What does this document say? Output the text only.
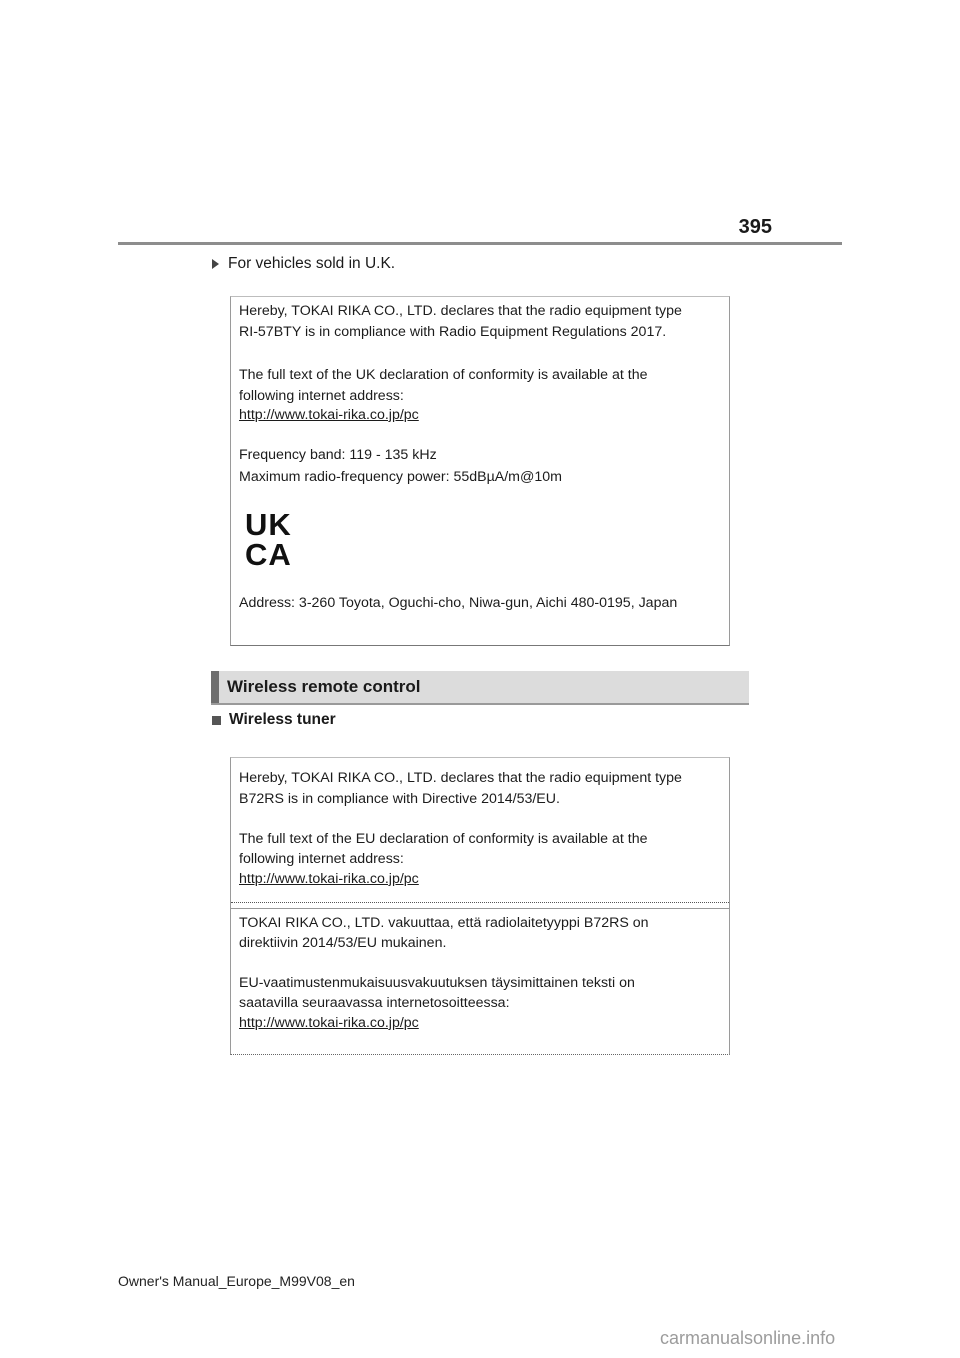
395
For vehicles sold in U.K.
Hereby, TOKAI RIKA CO., LTD. declares that the radio equipment type
RI-57BTY is in compliance with Radio Equipment Regulations 2017.
The full text of the UK declaration of conformity is available at the
following internet address:
http://www.tokai-rika.co.jp/pc
Frequency band: 119 - 135 kHz
Maximum radio-frequency power: 55dBµA/m@10m
UK
CA
Address: 3-260 Toyota, Oguchi-cho, Niwa-gun, Aichi 480-0195, Japan
Wireless remote control
Wireless tuner
Hereby, TOKAI RIKA CO., LTD. declares that the radio equipment type
B72RS is in compliance with Directive 2014/53/EU.
The full text of the EU declaration of conformity is available at the
following internet address:
http://www.tokai-rika.co.jp/pc
TOKAI RIKA CO., LTD. vakuuttaa, että radiolaitetyyppi B72RS on
direktiivin 2014/53/EU mukainen.
EU-vaatimustenmukaisuusvakuutuksen täysimittainen teksti on
saatavilla seuraavassa internetosoitteessa:
http://www.tokai-rika.co.jp/pc
Owner's Manual_Europe_M99V08_en
carmanualsonline.info
